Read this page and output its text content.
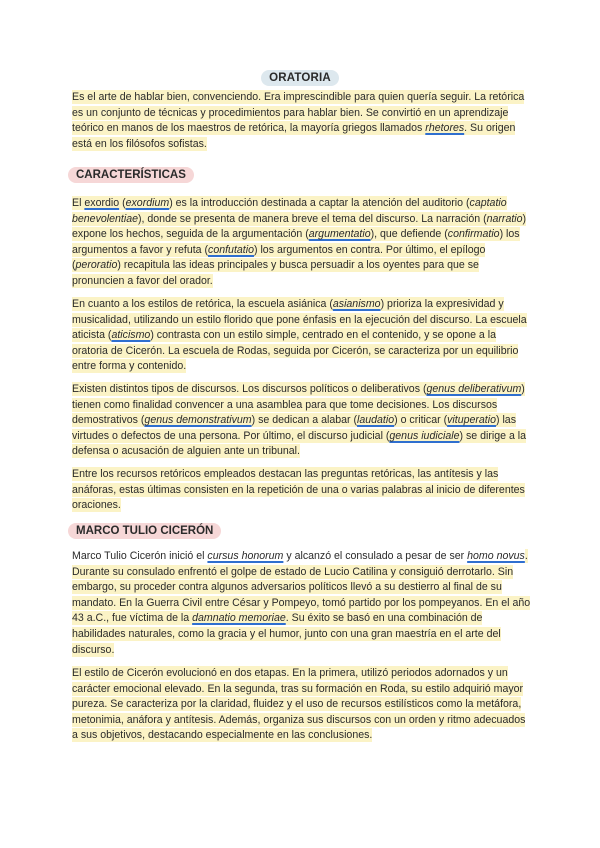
ORATORIA

Es el arte de hablar bien, convenciendo. Era imprescindible para quien quería seguir. La retórica es un conjunto de técnicas y procedimientos para hablar bien. Se convirtió en un aprendizaje teórico en manos de los maestros de retórica, la mayoría griegos llamados rhetores. Su origen está en los filósofos sofistas.

CARACTERÍSTICAS

El exordio (exordium) es la introducción destinada a captar la atención del auditorio (captatio benevolentiae), donde se presenta de manera breve el tema del discurso. La narración (narratio) expone los hechos, seguida de la argumentación (argumentatio), que defiende (confirmatio) los argumentos a favor y refuta (confutatio) los argumentos en contra. Por último, el epílogo (peroratio) recapitula las ideas principales y busca persuadir a los oyentes para que se pronuncien a favor del orador.

En cuanto a los estilos de retórica, la escuela asiánica (asianismo) prioriza la expresividad y musicalidad, utilizando un estilo florido que pone énfasis en la ejecución del discurso. La escuela aticista (aticismo) contrasta con un estilo simple, centrado en el contenido, y se opone a la oratoria de Cicerón. La escuela de Rodas, seguida por Cicerón, se caracteriza por un equilibrio entre forma y contenido.

Existen distintos tipos de discursos. Los discursos políticos o deliberativos (genus deliberativum) tienen como finalidad convencer a una asamblea para que tome decisiones. Los discursos demostrativos (genus demonstrativum) se dedican a alabar (laudatio) o criticar (vituperatio) las virtudes o defectos de una persona. Por último, el discurso judicial (genus iudiciale) se dirige a la defensa o acusación de alguien ante un tribunal.

Entre los recursos retóricos empleados destacan las preguntas retóricas, las antítesis y las anáforas, estas últimas consisten en la repetición de una o varias palabras al inicio de diferentes oraciones.

MARCO TULIO CICERÓN

Marco Tulio Cicerón inició el cursus honorum y alcanzó el consulado a pesar de ser homo novus. Durante su consulado enfrentó el golpe de estado de Lucio Catilina y consiguió derrotarlo. Sin embargo, su proceder contra algunos adversarios políticos llevó a su destierro al final de su mandato. En la Guerra Civil entre César y Pompeyo, tomó partido por los pompeyanos. En el año 43 a.C., fue víctima de la damnatio memoriae. Su éxito se basó en una combinación de habilidades naturales, como la gracia y el humor, junto con una gran maestría en el arte del discurso.

El estilo de Cicerón evolucionó en dos etapas. En la primera, utilizó periodos adornados y un carácter emocional elevado. En la segunda, tras su formación en Roda, su estilo adquirió mayor pureza. Se caracteriza por la claridad, fluidez y el uso de recursos estilísticos como la metáfora, metonimia, anáfora y antítesis. Además, organiza sus discursos con un orden y ritmo adecuados a sus objetivos, destacando especialmente en las conclusiones.
